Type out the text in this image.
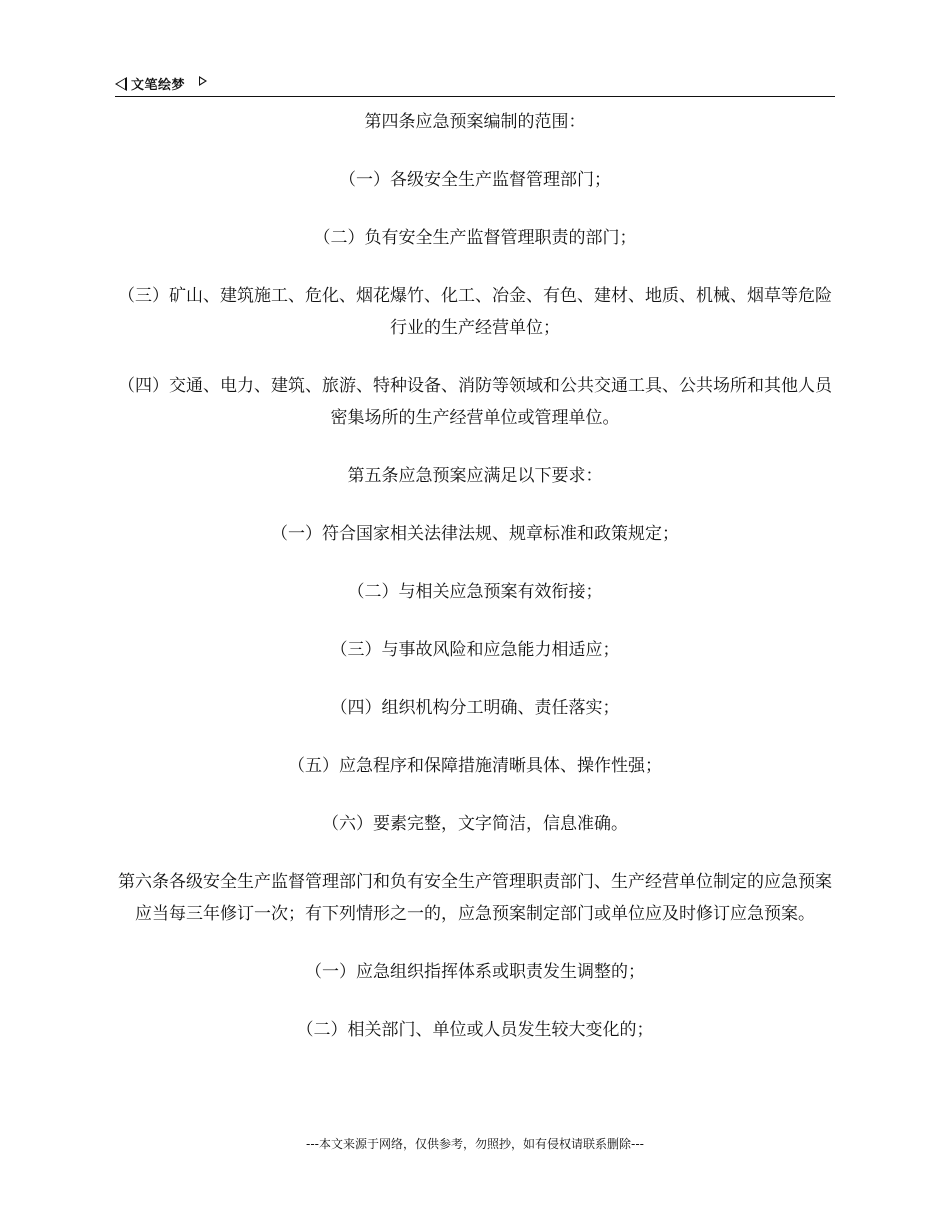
文笔绘梦

第四条应急预案编制的范围：

（一）各级安全生产监督管理部门；

（二）负有安全生产监督管理职责的部门；

（三）矿山、建筑施工、危化、烟花爆竹、化工、冶金、有色、建材、地质、机械、烟草等危险行业的生产经营单位；

（四）交通、电力、建筑、旅游、特种设备、消防等领域和公共交通工具、公共场所和其他人员密集场所的生产经营单位或管理单位。

第五条应急预案应满足以下要求：

（一）符合国家相关法律法规、规章标准和政策规定；

（二）与相关应急预案有效衔接；

（三）与事故风险和应急能力相适应；

（四）组织机构分工明确、责任落实；

（五）应急程序和保障措施清晰具体、操作性强；

（六）要素完整，文字简洁，信息准确。

第六条各级安全生产监督管理部门和负有安全生产管理职责部门、生产经营单位制定的应急预案应当每三年修订一次；有下列情形之一的，应急预案制定部门或单位应及时修订应急预案。

（一）应急组织指挥体系或职责发生调整的；

（二）相关部门、单位或人员发生较大变化的；

---本文来源于网络，仅供参考，勿照抄，如有侵权请联系删除---
